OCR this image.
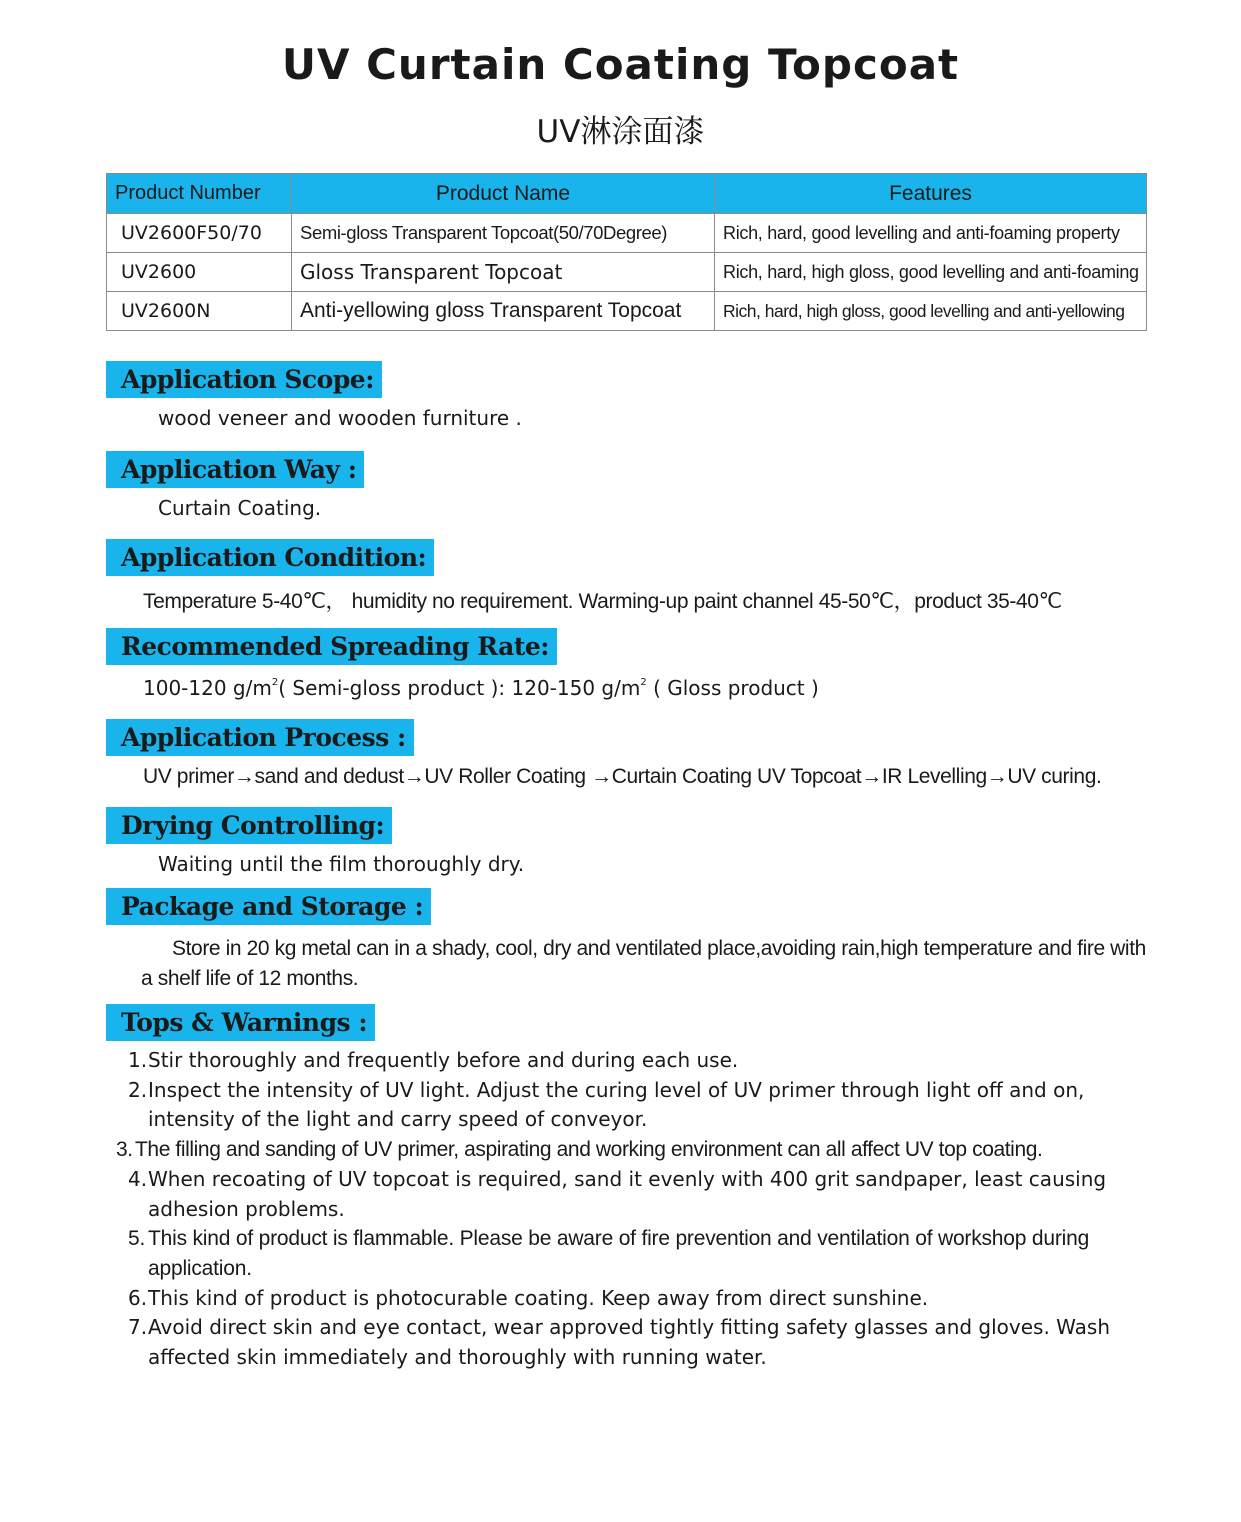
UV Curtain Coating Topcoat
UV淋涂面漆
Product Number	Product Name	Features
UV2600F50/70	Semi-gloss Transparent Topcoat(50/70Degree)	Rich, hard, good levelling and anti-foaming property
UV2600	Gloss Transparent Topcoat	Rich, hard, high gloss, good levelling and anti-foaming
UV2600N	Anti-yellowing gloss Transparent Topcoat	Rich, hard, high gloss, good levelling and anti-yellowing
Application Scope:
wood veneer and wooden furniture .
Application Way :
Curtain Coating.
Application Condition:
Temperature 5-40℃， humidity no requirement. Warming-up paint channel 45-50℃，product 35-40℃
Recommended Spreading Rate:
100-120 $g/m^2$( Semi-gloss product ): 120-150 $g/m^2$ ( Gloss product )
Application Process :
UV primer→sand and dedust→UV Roller Coating →Curtain Coating UV Topcoat→IR Levelling→UV curing.
Drying Controlling:
Waiting until the film thoroughly dry.
Package and Storage :
Store in 20 kg metal can in a shady, cool, dry and ventilated place,avoiding rain,high temperature and fire with a shelf life of 12 months.
Tops & Warnings :
1. Stir thoroughly and frequently before and during each use.
2. Inspect the intensity of UV light. Adjust the curing level of UV primer through light off and on, intensity of the light and carry speed of conveyor.
3. The filling and sanding of UV primer, aspirating and working environment can all affect UV top coating.
4. When recoating of UV topcoat is required, sand it evenly with 400 grit sandpaper, least causing adhesion problems.
5. This kind of product is flammable. Please be aware of fire prevention and ventilation of workshop during application.
6. This kind of product is photocurable coating. Keep away from direct sunshine.
7. Avoid direct skin and eye contact, wear approved tightly fitting safety glasses and gloves. Wash affected skin immediately and thoroughly with running water.
